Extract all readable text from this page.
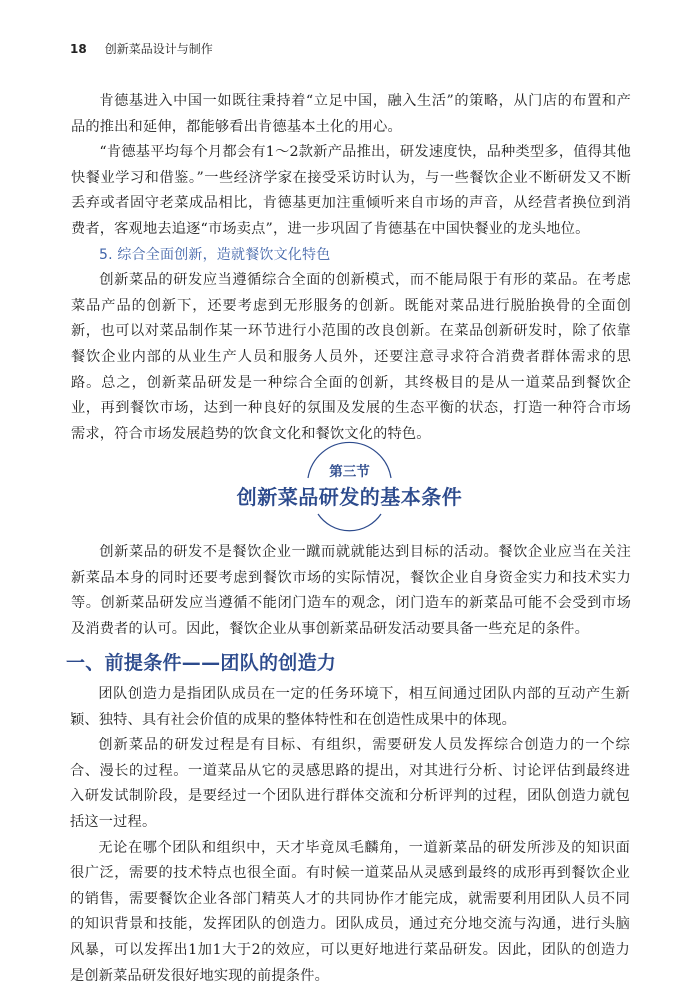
18 创新菜品设计与制作

肯德基进入中国一如既往秉持着“立足中国，融入生活”的策略，从门店的布置和产品的推出和延伸，都能够看出肯德基本土化的用心。

“肯德基平均每个月都会有1～2款新产品推出，研发速度快，品种类型多，值得其他快餐业学习和借鉴。”一些经济学家在接受采访时认为，与一些餐饮企业不断研发又不断丢弃或者固守老菜成品相比，肯德基更加注重倾听来自市场的声音，从经营者换位到消费者，客观地去追逐“市场卖点”，进一步巩固了肯德基在中国快餐业的龙头地位。

5. 综合全面创新，造就餐饮文化特色

创新菜品的研发应当遵循综合全面的创新模式，而不能局限于有形的菜品。在考虑菜品产品的创新下，还要考虑到无形服务的创新。既能对菜品进行脱胎换骨的全面创新，也可以对菜品制作某一环节进行小范围的改良创新。在菜品创新研发时，除了依靠餐饮企业内部的从业生产人员和服务人员外，还要注意寻求符合消费者群体需求的思路。总之，创新菜品研发是一种综合全面的创新，其终极目的是从一道菜品到餐饮企业，再到餐饮市场，达到一种良好的氛围及发展的生态平衡的状态，打造一种符合市场需求，符合市场发展趋势的饮食文化和餐饮文化的特色。

第三节
创新菜品研发的基本条件

创新菜品的研发不是餐饮企业一蹴而就就能达到目标的活动。餐饮企业应当在关注新菜品本身的同时还要考虑到餐饮市场的实际情况，餐饮企业自身资金实力和技术实力等。创新菜品研发应当遵循不能闭门造车的观念，闭门造车的新菜品可能不会受到市场及消费者的认可。因此，餐饮企业从事创新菜品研发活动要具备一些充足的条件。

一、前提条件——团队的创造力

团队创造力是指团队成员在一定的任务环境下，相互间通过团队内部的互动产生新颖、独特、具有社会价值的成果的整体特性和在创造性成果中的体现。

创新菜品的研发过程是有目标、有组织，需要研发人员发挥综合创造力的一个综合、漫长的过程。一道菜品从它的灵感思路的提出，对其进行分析、讨论评估到最终进入研发试制阶段，是要经过一个团队进行群体交流和分析评判的过程，团队创造力就包括这一过程。

无论在哪个团队和组织中，天才毕竟凤毛麟角，一道新菜品的研发所涉及的知识面很广泛，需要的技术特点也很全面。有时候一道菜品从灵感到最终的成形再到餐饮企业的销售，需要餐饮企业各部门精英人才的共同协作才能完成，就需要利用团队人员不同的知识背景和技能，发挥团队的创造力。团队成员，通过充分地交流与沟通，进行头脑风暴，可以发挥出1加1大于2的效应，可以更好地进行菜品研发。因此，团队的创造力是创新菜品研发很好地实现的前提条件。
